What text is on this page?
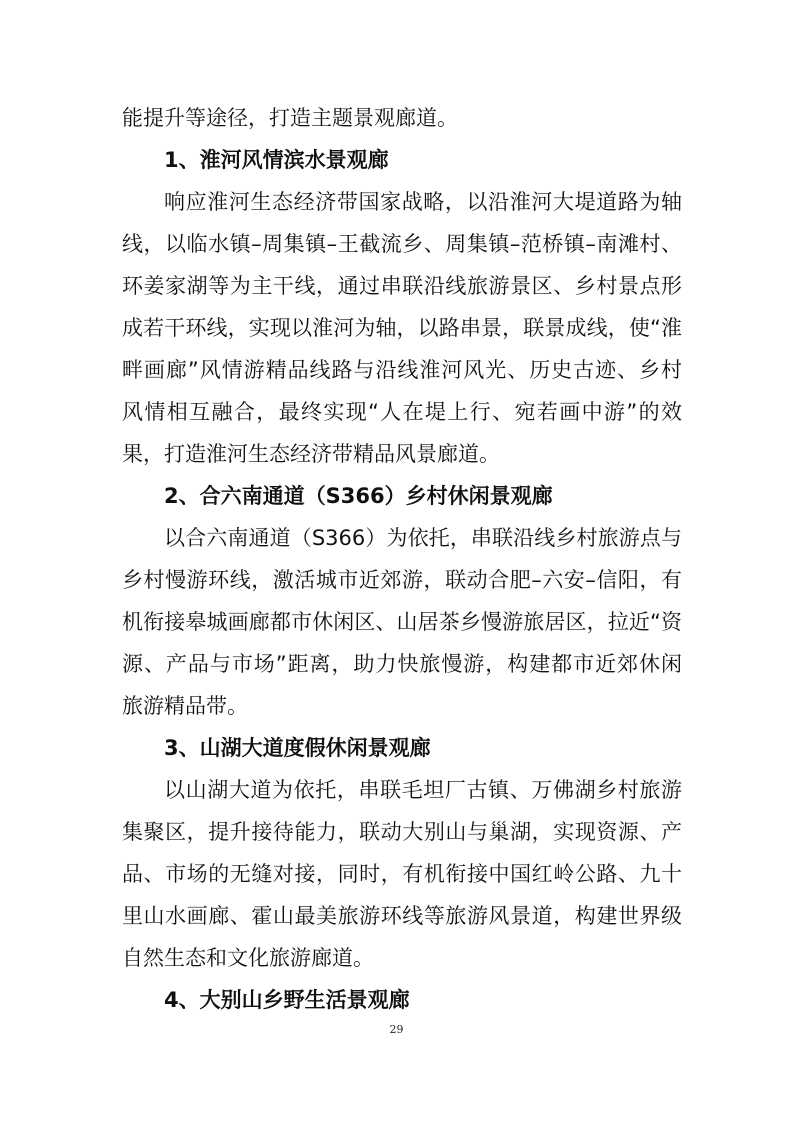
能提升等途径，打造主题景观廊道。
1、淮河风情滨水景观廊
响应淮河生态经济带国家战略，以沿淮河大堤道路为轴
线，以临水镇–周集镇–王截流乡、周集镇–范桥镇–南滩村、
环姜家湖等为主干线，通过串联沿线旅游景区、乡村景点形
成若干环线，实现以淮河为轴，以路串景，联景成线，使“淮
畔画廊”风情游精品线路与沿线淮河风光、历史古迹、乡村
风情相互融合，最终实现“人在堤上行、宛若画中游”的效
果，打造淮河生态经济带精品风景廊道。
2、合六南通道（S366）乡村休闲景观廊
以合六南通道（S366）为依托，串联沿线乡村旅游点与
乡村慢游环线，激活城市近郊游，联动合肥–六安–信阳，有
机衔接皋城画廊都市休闲区、山居茶乡慢游旅居区，拉近“资
源、产品与市场”距离，助力快旅慢游，构建都市近郊休闲
旅游精品带。
3、山湖大道度假休闲景观廊
以山湖大道为依托，串联毛坦厂古镇、万佛湖乡村旅游
集聚区，提升接待能力，联动大别山与巢湖，实现资源、产
品、市场的无缝对接，同时，有机衔接中国红岭公路、九十
里山水画廊、霍山最美旅游环线等旅游风景道，构建世界级
自然生态和文化旅游廊道。
4、大别山乡野生活景观廊
29
